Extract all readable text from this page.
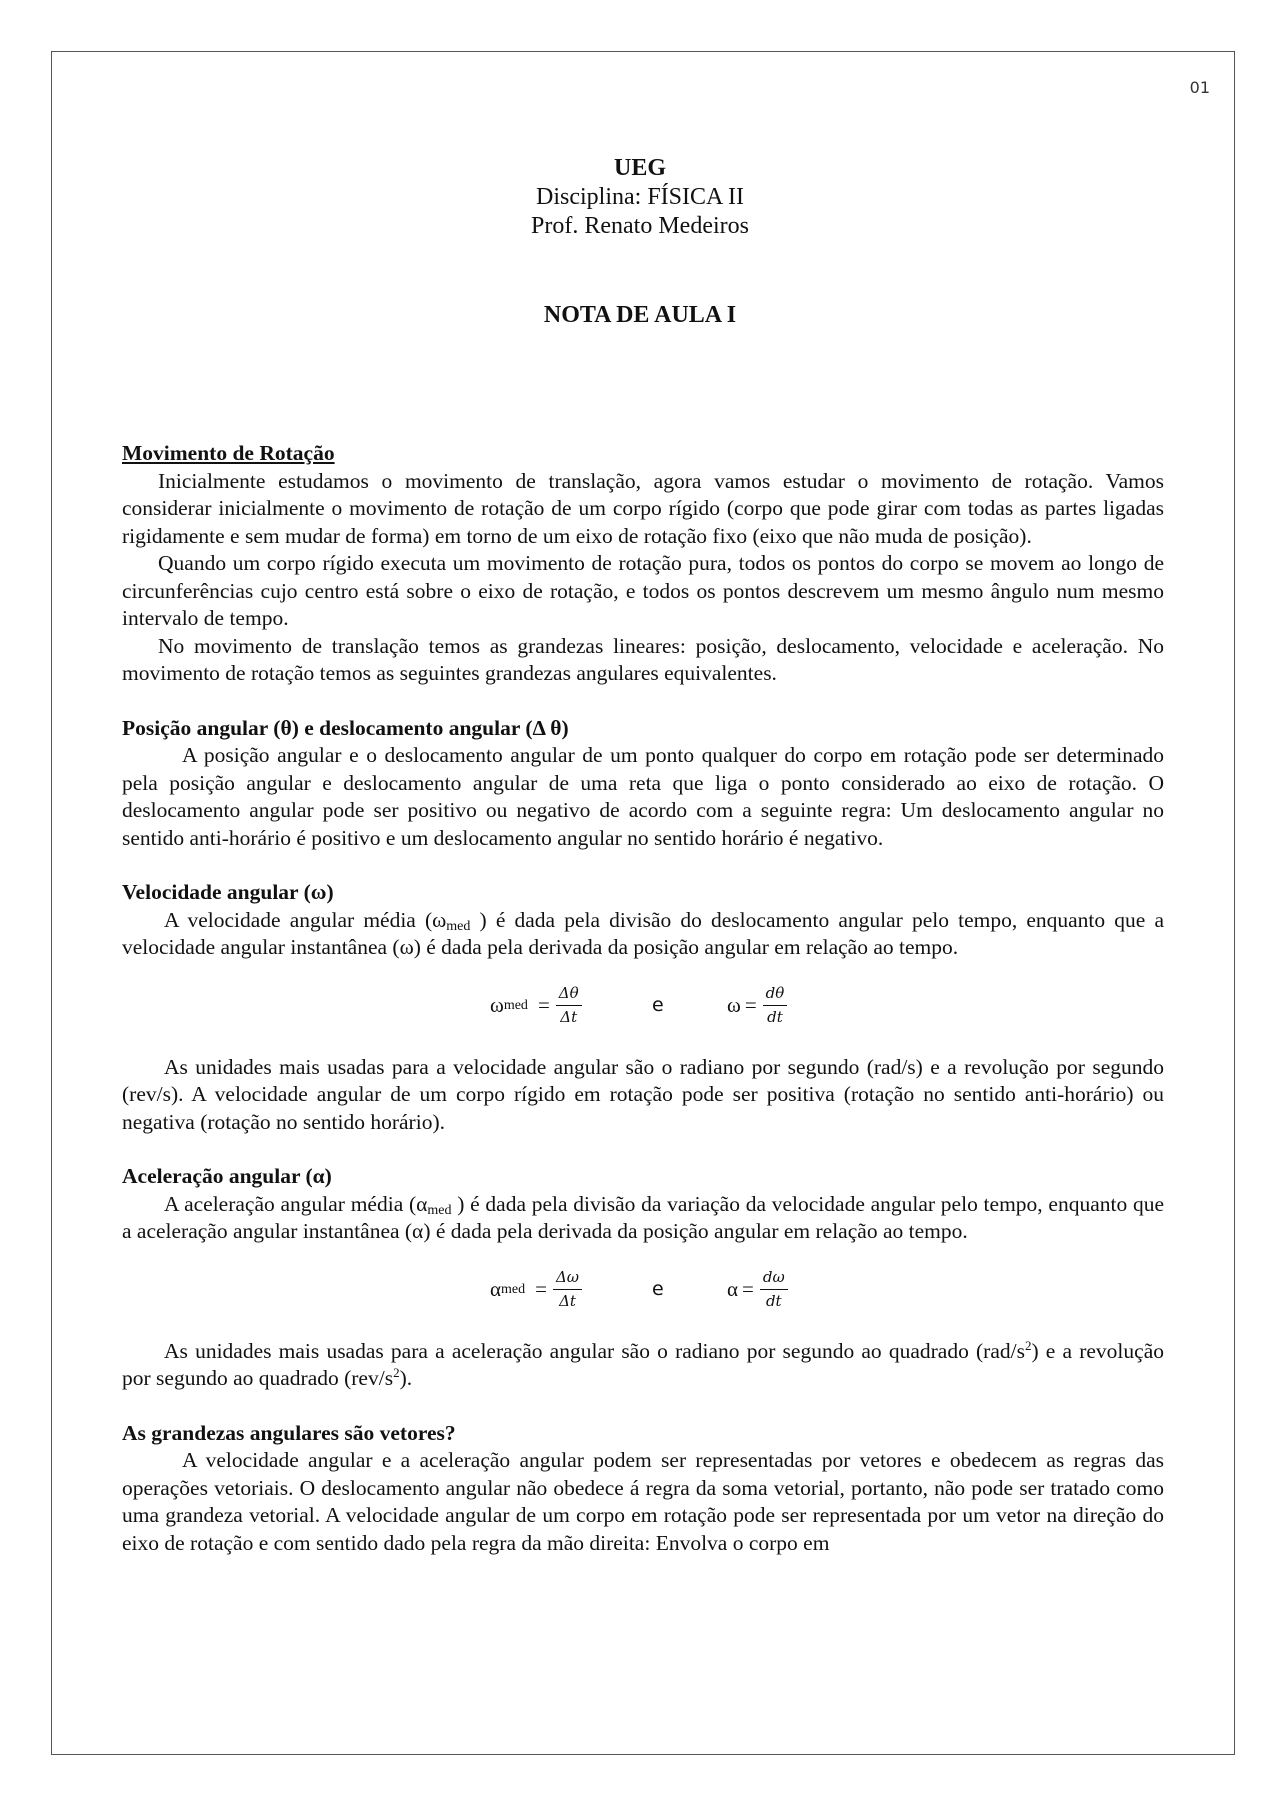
01
UEG
Disciplina: FÍSICA II
Prof. Renato Medeiros
NOTA DE AULA I

Movimento de Rotação

Inicialmente estudamos o movimento de translação, agora vamos estudar o movimento de rotação. Vamos considerar inicialmente o movimento de rotação de um corpo rígido (corpo que pode girar com todas as partes ligadas rigidamente e sem mudar de forma) em torno de um eixo de rotação fixo (eixo que não muda de posição).

Quando um corpo rígido executa um movimento de rotação pura, todos os pontos do corpo se movem ao longo de circunferências cujo centro está sobre o eixo de rotação, e todos os pontos descrevem um mesmo ângulo num mesmo intervalo de tempo.

No movimento de translação temos as grandezas lineares: posição, deslocamento, velocidade e aceleração. No movimento de rotação temos as seguintes grandezas angulares equivalentes.

Posição angular (θ) e deslocamento angular (Δ θ)

A posição angular e o deslocamento angular de um ponto qualquer do corpo em rotação pode ser determinado pela posição angular e deslocamento angular de uma reta que liga o ponto considerado ao eixo de rotação. O deslocamento angular pode ser positivo ou negativo de acordo com a seguinte regra: Um deslocamento angular no sentido anti-horário é positivo e um deslocamento angular no sentido horário é negativo.

Velocidade angular (ω)

A velocidade angular média ($\omega_{med}$ ) é dada pela divisão do deslocamento angular pelo tempo, enquanto que a velocidade angular instantânea (ω) é dada pela derivada da posição angular em relação ao tempo.

ω med = $\frac{\Delta\theta}{\Delta t}$	e	$\omega = \frac{d\theta}{dt}$

As unidades mais usadas para a velocidade angular são o radiano por segundo (rad/s) e a revolução por segundo (rev/s). A velocidade angular de um corpo rígido em rotação pode ser positiva (rotação no sentido anti-horário) ou negativa (rotação no sentido horário).

Aceleração angular (α)

A aceleração angular média ($\alpha_{med}$ ) é dada pela divisão da variação da velocidade angular pelo tempo, enquanto que a aceleração angular instantânea (α) é dada pela derivada da posição angular em relação ao tempo.

α med = $\frac{\Delta\omega}{\Delta t}$	e	$\alpha = \frac{d\omega}{dt}$

As unidades mais usadas para a aceleração angular são o radiano por segundo ao quadrado $(rad/s^2)$ e a revolução por segundo ao quadrado $(rev/s^2)$.

As grandezas angulares são vetores?

A velocidade angular e a aceleração angular podem ser representadas por vetores e obedecem as regras das operações vetoriais. O deslocamento angular não obedece á regra da soma vetorial, portanto, não pode ser tratado como uma grandeza vetorial. A velocidade angular de um corpo em rotação pode ser representada por um vetor na direção do eixo de rotação e com sentido dado pela regra da mão direita: Envolva o corpo em
